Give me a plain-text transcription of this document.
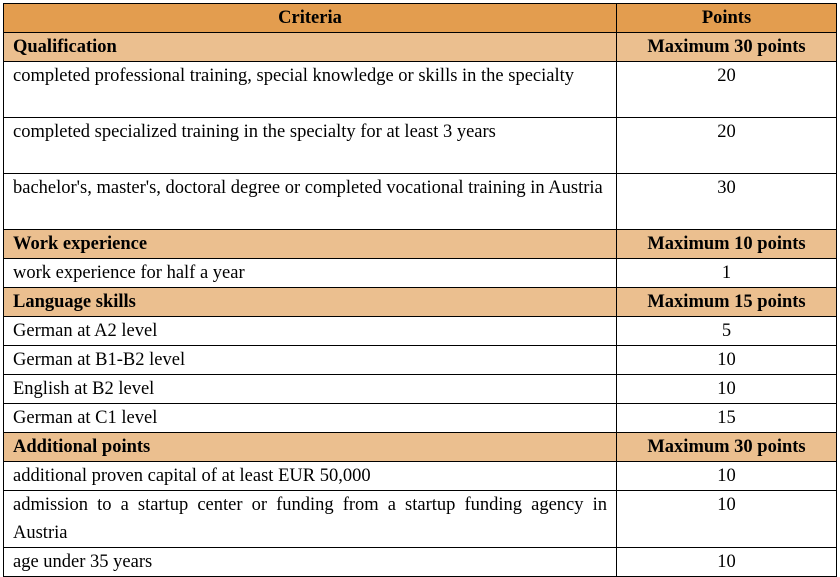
Criteria	Points
Qualification	Maximum 30 points
completed professional training, special knowledge or skills in the specialty	20
completed specialized training in the specialty for at least 3 years	20
bachelor's, master's, doctoral degree or completed vocational training in Austria	30
Work experience	Maximum 10 points
work experience for half a year	1
Language skills	Maximum 15 points
German at A2 level	5
German at B1-B2 level	10
English at B2 level	10
German at C1 level	15
Additional points	Maximum 30 points
additional proven capital of at least EUR 50,000	10
admission to a startup center or funding from a startup funding agency in Austria	10
age under 35 years	10
